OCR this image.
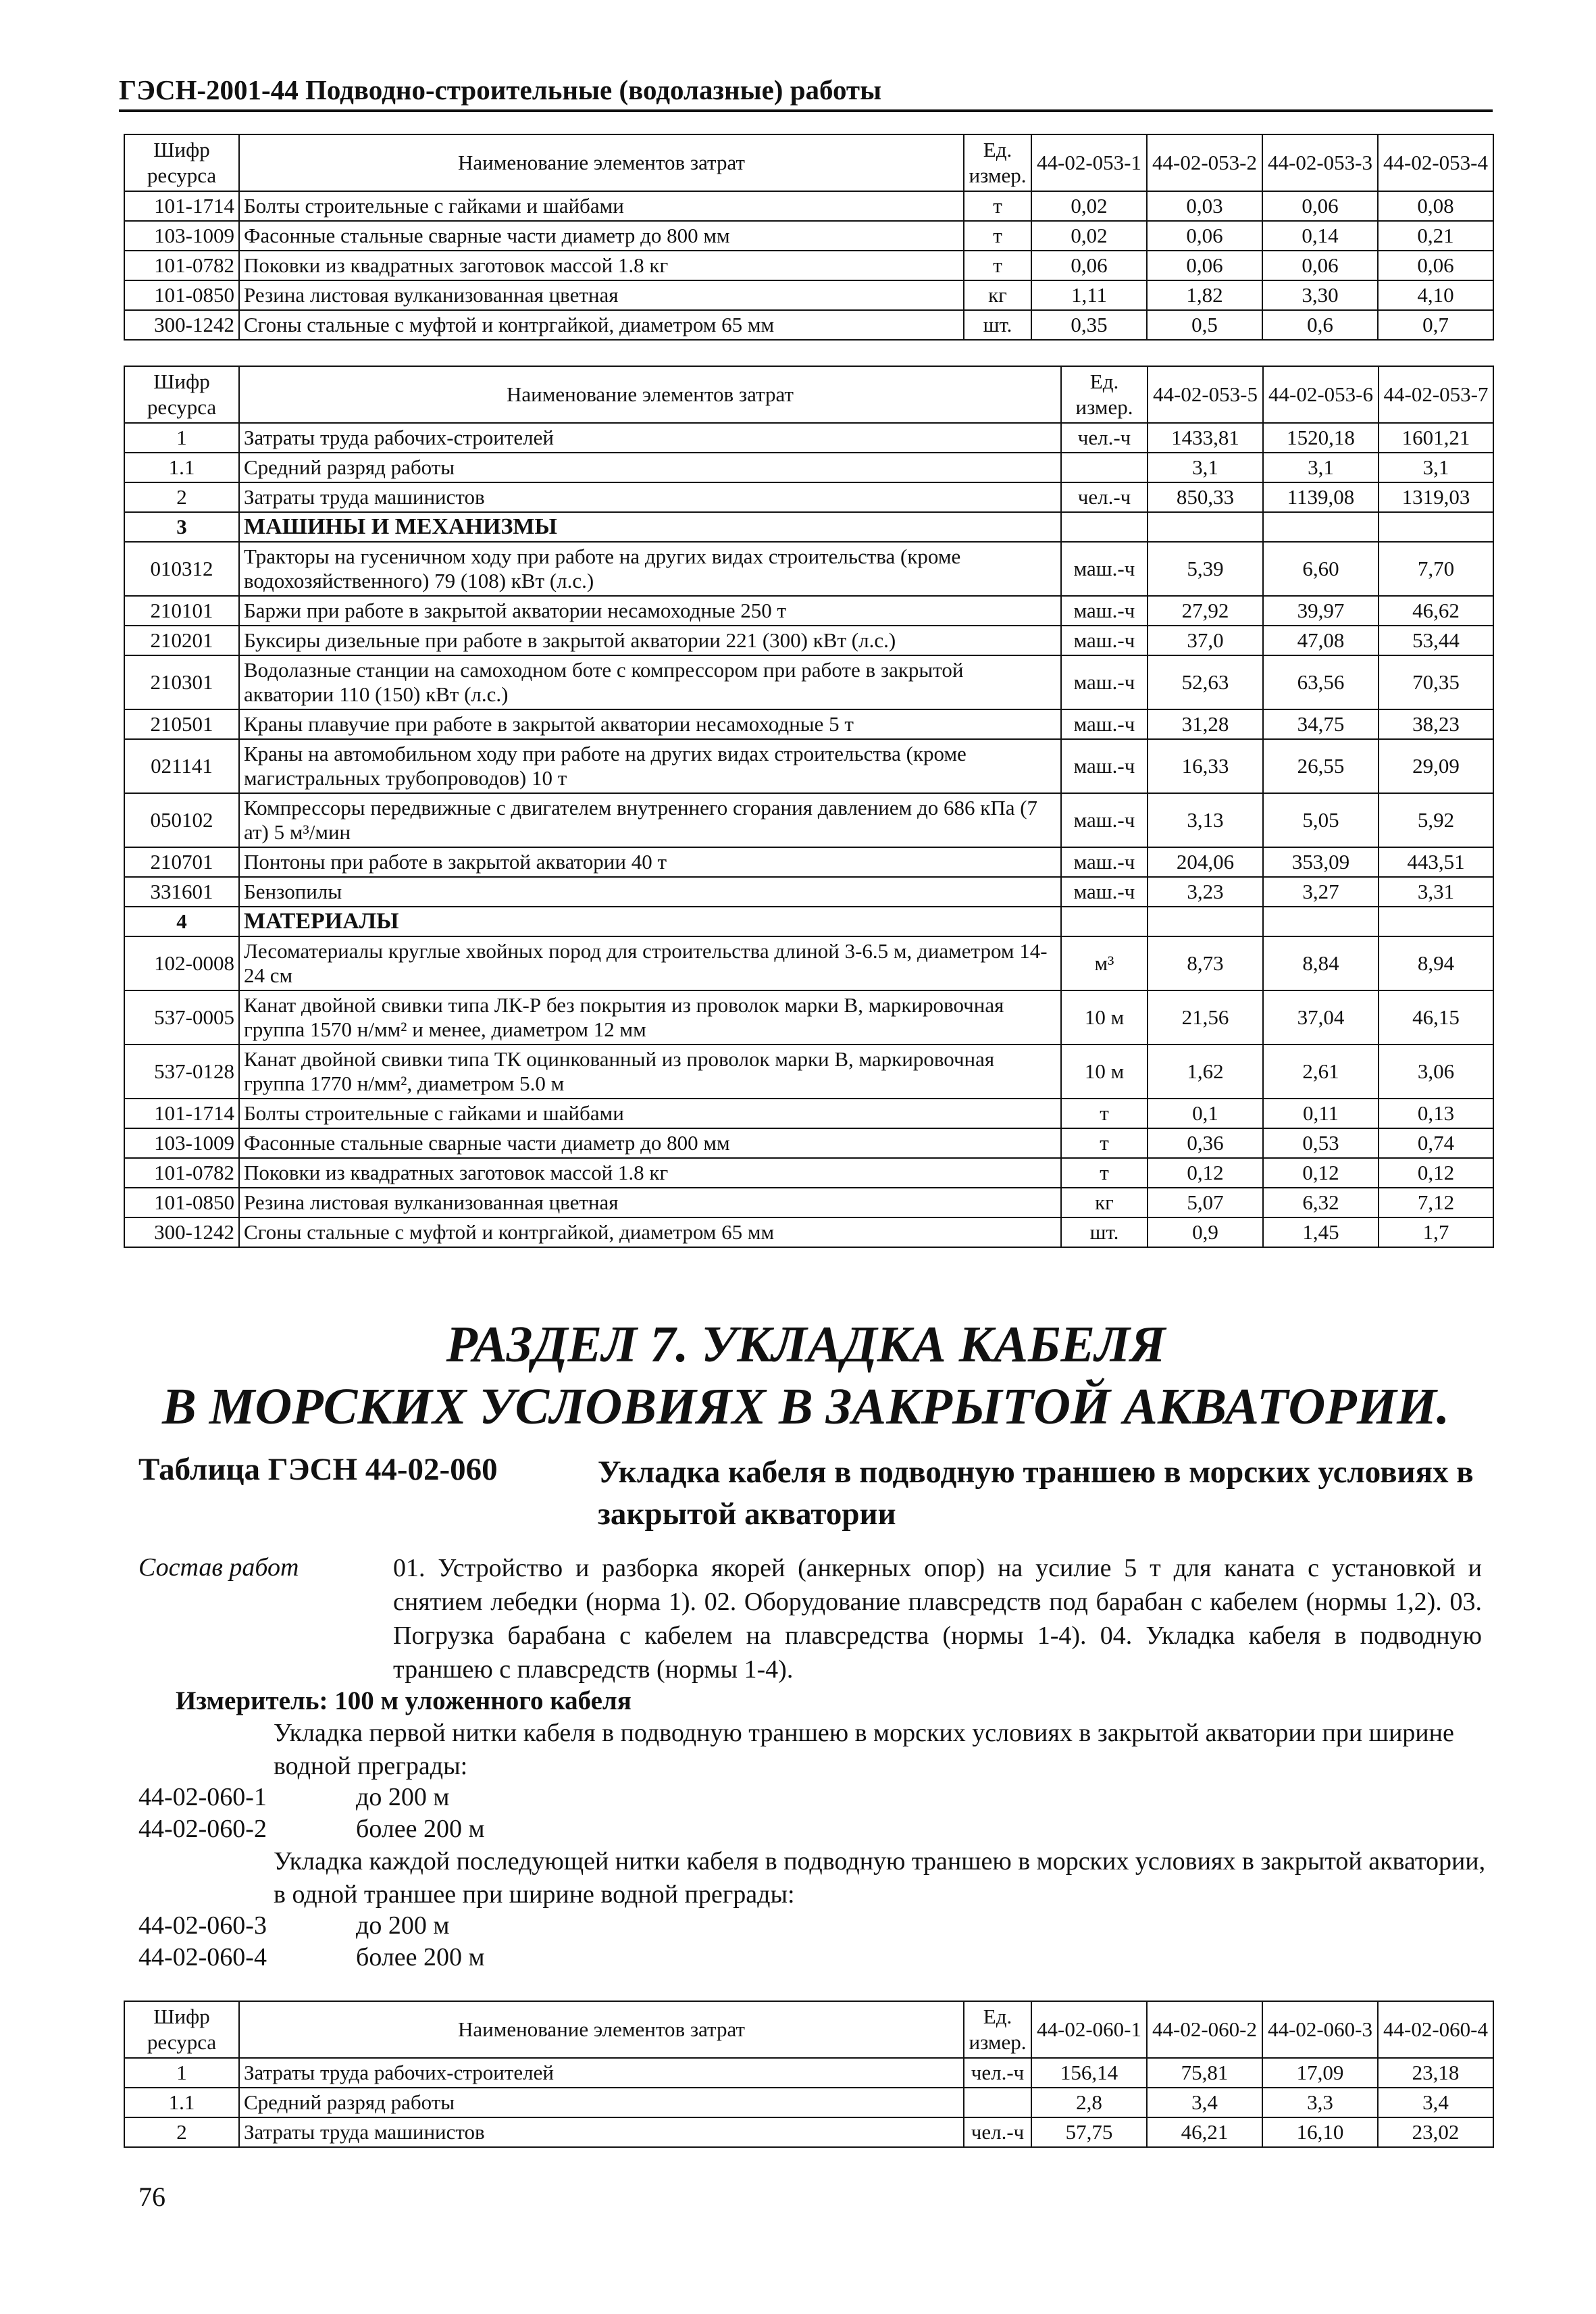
ГЭСН-2001-44 Подводно-строительные (водолазные) работы
Шифр ресурса	Наименование элементов затрат	Ед. измер.	44-02-053-1	44-02-053-2	44-02-053-3	44-02-053-4
101-1714	Болты строительные с гайками и шайбами	т	0,02	0,03	0,06	0,08
103-1009	Фасонные стальные сварные части диаметр до 800 мм	т	0,02	0,06	0,14	0,21
101-0782	Поковки из квадратных заготовок массой 1.8 кг	т	0,06	0,06	0,06	0,06
101-0850	Резина листовая вулканизованная цветная	кг	1,11	1,82	3,30	4,10
300-1242	Сгоны стальные с муфтой и контргайкой, диаметром 65 мм	шт.	0,35	0,5	0,6	0,7
Шифр ресурса	Наименование элементов затрат	Ед. измер.	44-02-053-5	44-02-053-6	44-02-053-7
1	Затраты труда рабочих-строителей	чел.-ч	1433,81	1520,18	1601,21
1.1	Средний разряд работы		3,1	3,1	3,1
2	Затраты труда машинистов	чел.-ч	850,33	1139,08	1319,03
3	МАШИНЫ И МЕХАНИЗМЫ				
010312	Тракторы на гусеничном ходу при работе на других видах строительства (кроме водохозяйственного) 79 (108) кВт (л.с.)	маш.-ч	5,39	6,60	7,70
210101	Баржи при работе в закрытой акватории несамоходные 250 т	маш.-ч	27,92	39,97	46,62
210201	Буксиры дизельные при работе в закрытой акватории 221 (300) кВт (л.с.)	маш.-ч	37,0	47,08	53,44
210301	Водолазные станции на самоходном боте с компрессором при работе в закрытой акватории 110 (150) кВт (л.с.)	маш.-ч	52,63	63,56	70,35
210501	Краны плавучие при работе в закрытой акватории несамоходные 5 т	маш.-ч	31,28	34,75	38,23
021141	Краны на автомобильном ходу при работе на других видах строительства (кроме магистральных трубопроводов) 10 т	маш.-ч	16,33	26,55	29,09
050102	Компрессоры передвижные с двигателем внутреннего сгорания давлением до 686 кПа (7 ат) 5 м³/мин	маш.-ч	3,13	5,05	5,92
210701	Понтоны при работе в закрытой акватории 40 т	маш.-ч	204,06	353,09	443,51
331601	Бензопилы	маш.-ч	3,23	3,27	3,31
4	МАТЕРИАЛЫ				
102-0008	Лесоматериалы круглые хвойных пород для строительства длиной 3-6.5 м, диаметром 14-24 см	м³	8,73	8,84	8,94
537-0005	Канат двойной свивки типа ЛК-Р без покрытия из проволок марки В, маркировочная группа 1570 н/мм² и менее, диаметром 12 мм	10 м	21,56	37,04	46,15
537-0128	Канат двойной свивки типа ТК оцинкованный из проволок марки В, маркировочная группа 1770 н/мм², диаметром 5.0 м	10 м	1,62	2,61	3,06
101-1714	Болты строительные с гайками и шайбами	т	0,1	0,11	0,13
103-1009	Фасонные стальные сварные части диаметр до 800 мм	т	0,36	0,53	0,74
101-0782	Поковки из квадратных заготовок массой 1.8 кг	т	0,12	0,12	0,12
101-0850	Резина листовая вулканизованная цветная	кг	5,07	6,32	7,12
300-1242	Сгоны стальные с муфтой и контргайкой, диаметром 65 мм	шт.	0,9	1,45	1,7
РАЗДЕЛ 7. УКЛАДКА КАБЕЛЯ
В МОРСКИХ УСЛОВИЯХ В ЗАКРЫТОЙ АКВАТОРИИ.
Таблица ГЭСН 44-02-060	Укладка кабеля в подводную траншею в морских условиях в закрытой акватории
Состав работ	01. Устройство и разборка якорей (анкерных опор) на усилие 5 т для каната с установкой и снятием лебедки (норма 1). 02. Оборудование плавсредств под барабан с кабелем (нормы 1,2). 03. Погрузка барабана с кабелем на плавсредства (нормы 1-4). 04. Укладка кабеля в подводную траншею с плавсредств (нормы 1-4).
Измеритель: 100 м уложенного кабеля
Укладка первой нитки кабеля в подводную траншею в морских условиях в закрытой акватории при ширине водной преграды:
44-02-060-1	до 200 м
44-02-060-2	более 200 м
Укладка каждой последующей нитки кабеля в подводную траншею в морских условиях в закрытой акватории, в одной траншее при ширине водной преграды:
44-02-060-3	до 200 м
44-02-060-4	более 200 м
Шифр ресурса	Наименование элементов затрат	Ед. измер.	44-02-060-1	44-02-060-2	44-02-060-3	44-02-060-4
1	Затраты труда рабочих-строителей	чел.-ч	156,14	75,81	17,09	23,18
1.1	Средний разряд работы		2,8	3,4	3,3	3,4
2	Затраты труда машинистов	чел.-ч	57,75	46,21	16,10	23,02
76
